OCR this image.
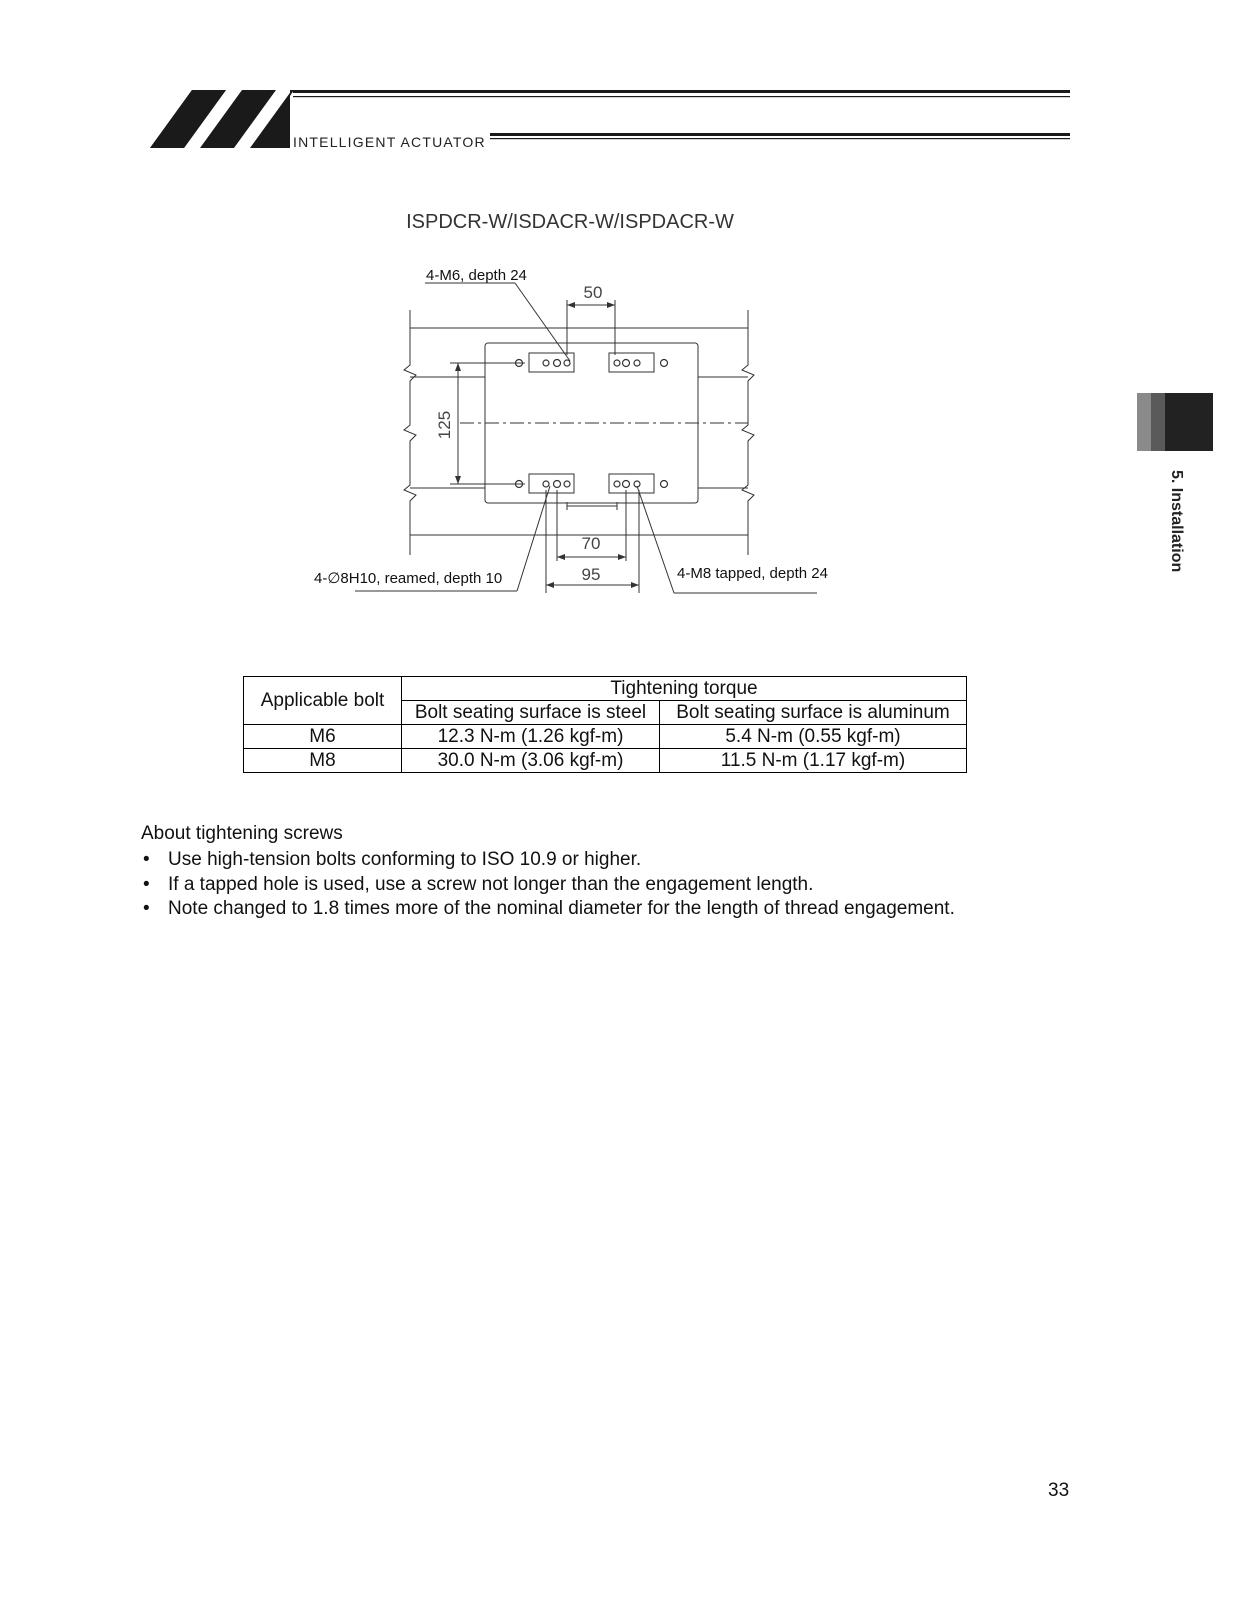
INTELLIGENT ACTUATOR
5. Installation
ISPDCR-W/ISDACR-W/ISPDACR-W
50
125
70
95
4-M6, depth 24
4-∅8H10, reamed, depth 10	4-M8 tapped, depth 24
Applicable bolt	Tightening torque	
	Bolt seating surface is steel	Bolt seating surface is aluminum
M6	12.3 N-m (1.26 kgf-m)	5.4 N-m (0.55 kgf-m)
M8	30.0 N-m (3.06 kgf-m)	11.5 N-m (1.17 kgf-m)
About tightening screws
• Use high-tension bolts conforming to ISO 10.9 or higher.
• If a tapped hole is used, use a screw not longer than the engagement length.
• Note changed to 1.8 times more of the nominal diameter for the length of thread engagement.
33
